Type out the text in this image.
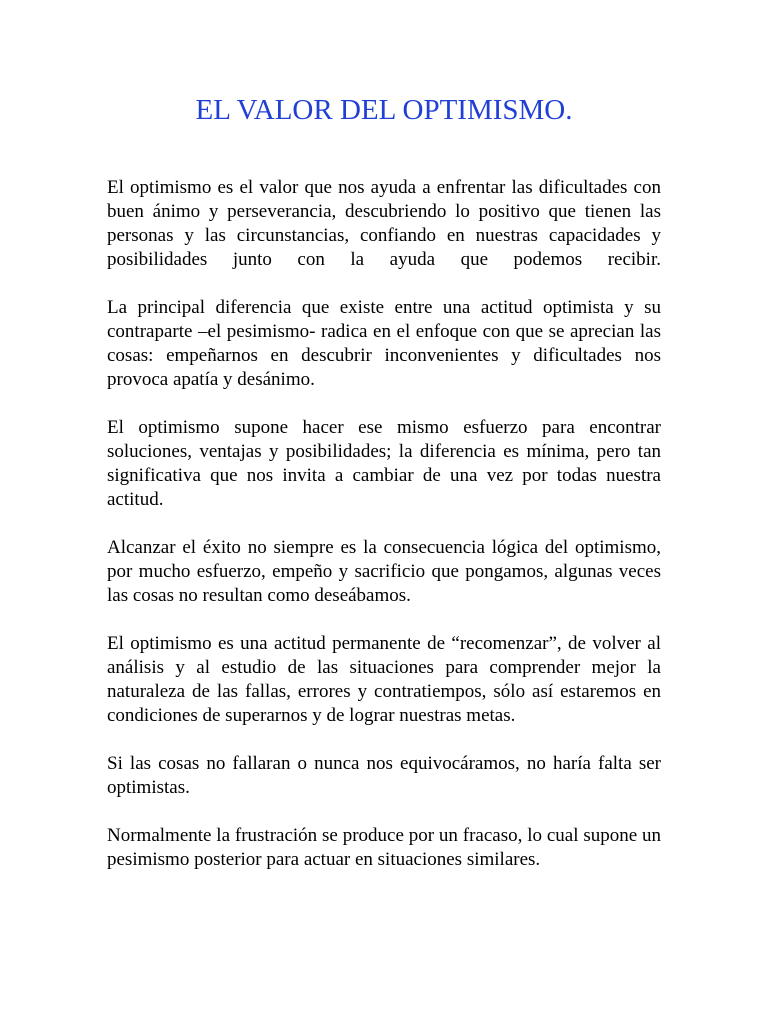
EL VALOR DEL OPTIMISMO.

El optimismo es el valor que nos ayuda a enfrentar las dificultades con buen ánimo y perseverancia, descubriendo lo positivo que tienen las personas y las circunstancias, confiando en nuestras capacidades y posibilidades junto con la ayuda que podemos recibir.

La principal diferencia que existe entre una actitud optimista y su contraparte –el pesimismo- radica en el enfoque con que se aprecian las cosas: empeñarnos en descubrir inconvenientes y dificultades nos provoca apatía y desánimo.

El optimismo supone hacer ese mismo esfuerzo para encontrar soluciones, ventajas y posibilidades; la diferencia es mínima, pero tan significativa que nos invita a cambiar de una vez por todas nuestra actitud.

Alcanzar el éxito no siempre es la consecuencia lógica del optimismo, por mucho esfuerzo, empeño y sacrificio que pongamos, algunas veces las cosas no resultan como deseábamos.

El optimismo es una actitud permanente de “recomenzar”, de volver al análisis y al estudio de las situaciones para comprender mejor la naturaleza de las fallas, errores y contratiempos, sólo así estaremos en condiciones de superarnos y de lograr nuestras metas.

Si las cosas no fallaran o nunca nos equivocáramos, no haría falta ser optimistas.

Normalmente la frustración se produce por un fracaso, lo cual supone un pesimismo posterior para actuar en situaciones similares.
